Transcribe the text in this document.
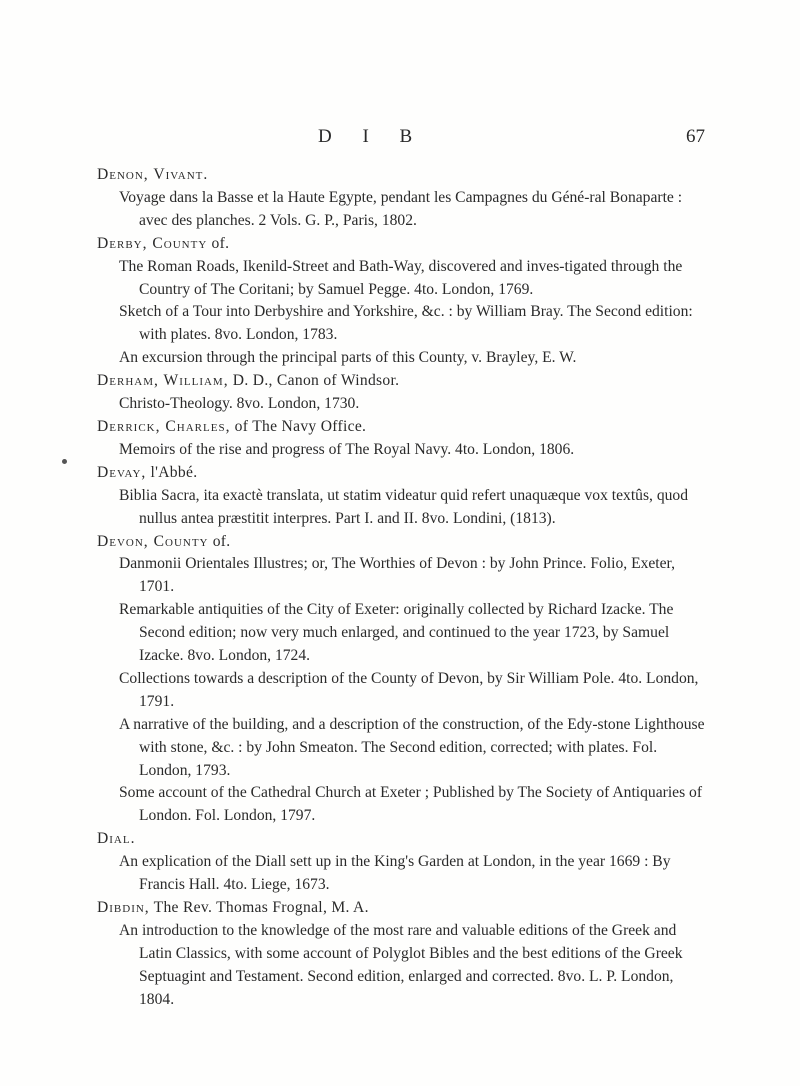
D I B	67

Denon, Vivant.

Voyage dans la Basse et la Haute Egypte, pendant les Campagnes du Géné-ral Bonaparte : avec des planches. 2 Vols. G. P., Paris, 1802.

Derby, County of.

The Roman Roads, Ikenild-Street and Bath-Way, discovered and inves-tigated through the Country of The Coritani; by Samuel Pegge. 4to. London, 1769.

Sketch of a Tour into Derbyshire and Yorkshire, &c. : by William Bray. The Second edition: with plates. 8vo. London, 1783.

An excursion through the principal parts of this County, v. Brayley, E. W.

Derham, William, D. D., Canon of Windsor.

Christo-Theology. 8vo. London, 1730.

Derrick, Charles, of The Navy Office.

Memoirs of the rise and progress of The Royal Navy. 4to. London, 1806.

Devay, l'Abbé.

Biblia Sacra, ita exactè translata, ut statim videatur quid refert unaquæque vox textûs, quod nullus antea præstitit interpres. Part I. and II. 8vo. Londini, (1813).

Devon, County of.

Danmonii Orientales Illustres; or, The Worthies of Devon : by John Prince. Folio, Exeter, 1701.

Remarkable antiquities of the City of Exeter: originally collected by Richard Izacke. The Second edition; now very much enlarged, and continued to the year 1723, by Samuel Izacke. 8vo. London, 1724.

Collections towards a description of the County of Devon, by Sir William Pole. 4to. London, 1791.

A narrative of the building, and a description of the construction, of the Edy-stone Lighthouse with stone, &c. : by John Smeaton. The Second edition, corrected; with plates. Fol. London, 1793.

Some account of the Cathedral Church at Exeter ; Published by The Society of Antiquaries of London. Fol. London, 1797.

Dial.

An explication of the Diall sett up in the King's Garden at London, in the year 1669 : By Francis Hall. 4to. Liege, 1673.

Dibdin, The Rev. Thomas Frognal, M. A.

An introduction to the knowledge of the most rare and valuable editions of the Greek and Latin Classics, with some account of Polyglot Bibles and the best editions of the Greek Septuagint and Testament. Second edition, enlarged and corrected. 8vo. L. P. London, 1804.
